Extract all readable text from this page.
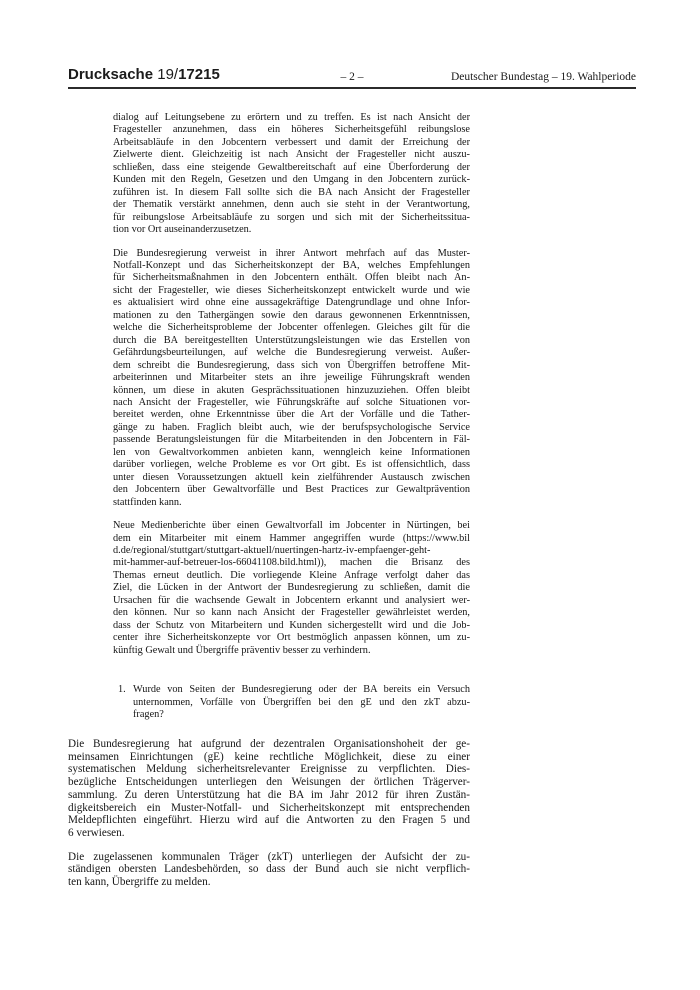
Drucksache 19/17215	– 2 –	Deutscher Bundestag – 19. Wahlperiode
dialog auf Leitungsebene zu erörtern und zu treffen. Es ist nach Ansicht der
Fragesteller anzunehmen, dass ein höheres Sicherheitsgefühl reibungslose
Arbeitsabläufe in den Jobcentern verbessert und damit der Erreichung der
Zielwerte dient. Gleichzeitig ist nach Ansicht der Fragesteller nicht auszu-
schließen, dass eine steigende Gewaltbereitschaft auf eine Überforderung der
Kunden mit den Regeln, Gesetzen und den Umgang in den Jobcentern zurück-
zuführen ist. In diesem Fall sollte sich die BA nach Ansicht der Fragesteller
der Thematik verstärkt annehmen, denn auch sie steht in der Verantwortung,
für reibungslose Arbeitsabläufe zu sorgen und sich mit der Sicherheitssitua-
tion vor Ort auseinanderzusetzen.
Die Bundesregierung verweist in ihrer Antwort mehrfach auf das Muster-
Notfall-Konzept und das Sicherheitskonzept der BA, welches Empfehlungen
für Sicherheitsmaßnahmen in den Jobcentern enthält. Offen bleibt nach An-
sicht der Fragesteller, wie dieses Sicherheitskonzept entwickelt wurde und wie
es aktualisiert wird ohne eine aussagekräftige Datengrundlage und ohne Infor-
mationen zu den Tathergängen sowie den daraus gewonnenen Erkenntnissen,
welche die Sicherheitsprobleme der Jobcenter offenlegen. Gleiches gilt für die
durch die BA bereitgestellten Unterstützungsleistungen wie das Erstellen von
Gefährdungsbeurteilungen, auf welche die Bundesregierung verweist. Außer-
dem schreibt die Bundesregierung, dass sich von Übergriffen betroffene Mit-
arbeiterinnen und Mitarbeiter stets an ihre jeweilige Führungskraft wenden
können, um diese in akuten Gesprächssituationen hinzuzuziehen. Offen bleibt
nach Ansicht der Fragesteller, wie Führungskräfte auf solche Situationen vor-
bereitet werden, ohne Erkenntnisse über die Art der Vorfälle und die Tather-
gänge zu haben. Fraglich bleibt auch, wie der berufspsychologische Service
passende Beratungsleistungen für die Mitarbeitenden in den Jobcentern in Fäl-
len von Gewaltvorkommen anbieten kann, wenngleich keine Informationen
darüber vorliegen, welche Probleme es vor Ort gibt. Es ist offensichtlich, dass
unter diesen Voraussetzungen aktuell kein zielführender Austausch zwischen
den Jobcentern über Gewaltvorfälle und Best Practices zur Gewaltprävention
stattfinden kann.
Neue Medienberichte über einen Gewaltvorfall im Jobcenter in Nürtingen, bei
dem ein Mitarbeiter mit einem Hammer angegriffen wurde (https://www.bil
d.de/regional/stuttgart/stuttgart-aktuell/nuertingen-hartz-iv-empfaenger-geht-
mit-hammer-auf-betreuer-los-66041108.bild.html)), machen die Brisanz des
Themas erneut deutlich. Die vorliegende Kleine Anfrage verfolgt daher das
Ziel, die Lücken in der Antwort der Bundesregierung zu schließen, damit die
Ursachen für die wachsende Gewalt in Jobcentern erkannt und analysiert wer-
den können. Nur so kann nach Ansicht der Fragesteller gewährleistet werden,
dass der Schutz von Mitarbeitern und Kunden sichergestellt wird und die Job-
center ihre Sicherheitskonzepte vor Ort bestmöglich anpassen können, um zu-
künftig Gewalt und Übergriffe präventiv besser zu verhindern.
1. Wurde von Seiten der Bundesregierung oder der BA bereits ein Versuch
unternommen, Vorfälle von Übergriffen bei den gE und den zkT abzu-
fragen?
Die Bundesregierung hat aufgrund der dezentralen Organisationshoheit der ge-
meinsamen Einrichtungen (gE) keine rechtliche Möglichkeit, diese zu einer
systematischen Meldung sicherheitsrelevanter Ereignisse zu verpflichten. Dies-
bezügliche Entscheidungen unterliegen den Weisungen der örtlichen Trägerver-
sammlung. Zu deren Unterstützung hat die BA im Jahr 2012 für ihren Zustän-
digkeitsbereich ein Muster-Notfall- und Sicherheitskonzept mit entsprechenden
Meldepflichten eingeführt. Hierzu wird auf die Antworten zu den Fragen 5 und
6 verwiesen.
Die zugelassenen kommunalen Träger (zkT) unterliegen der Aufsicht der zu-
ständigen obersten Landesbehörden, so dass der Bund auch sie nicht verpflich-
ten kann, Übergriffe zu melden.
